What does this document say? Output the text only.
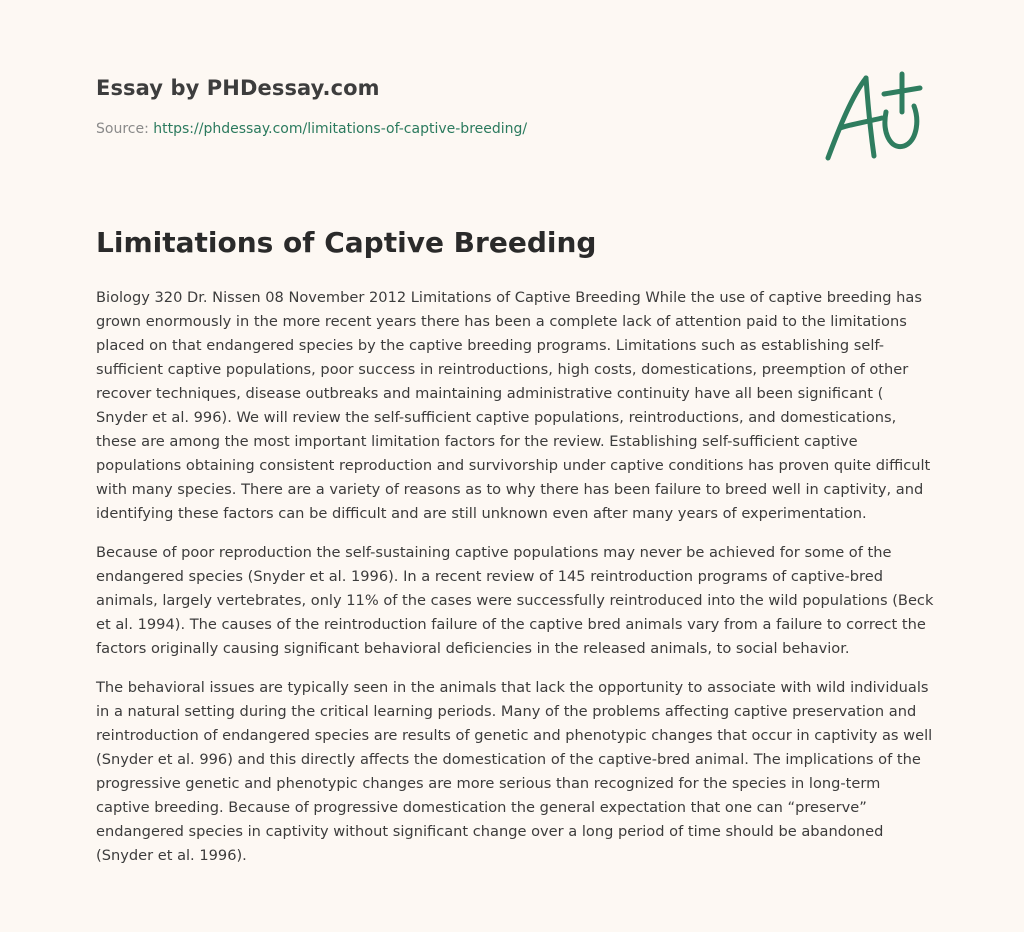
Essay by PHDessay.com
Source: https://phdessay.com/limitations-of-captive-breeding/
Limitations of Captive Breeding

Biology 320 Dr. Nissen 08 November 2012 Limitations of Captive Breeding While the use of captive breeding has grown enormously in the more recent years there has been a complete lack of attention paid to the limitations placed on that endangered species by the captive breeding programs. Limitations such as establishing self-sufficient captive populations, poor success in reintroductions, high costs, domestications, preemption of other recover techniques, disease outbreaks and maintaining administrative continuity have all been significant ( Snyder et al. 996). We will review the self-sufficient captive populations, reintroductions, and domestications, these are among the most important limitation factors for the review. Establishing self-sufficient captive populations obtaining consistent reproduction and survivorship under captive conditions has proven quite difficult with many species. There are a variety of reasons as to why there has been failure to breed well in captivity, and identifying these factors can be difficult and are still unknown even after many years of experimentation.

Because of poor reproduction the self-sustaining captive populations may never be achieved for some of the endangered species (Snyder et al. 1996). In a recent review of 145 reintroduction programs of captive-bred animals, largely vertebrates, only 11% of the cases were successfully reintroduced into the wild populations (Beck et al. 1994). The causes of the reintroduction failure of the captive bred animals vary from a failure to correct the factors originally causing significant behavioral deficiencies in the released animals, to social behavior.

The behavioral issues are typically seen in the animals that lack the opportunity to associate with wild individuals in a natural setting during the critical learning periods. Many of the problems affecting captive preservation and reintroduction of endangered species are results of genetic and phenotypic changes that occur in captivity as well (Snyder et al. 996) and this directly affects the domestication of the captive-bred animal. The implications of the progressive genetic and phenotypic changes are more serious than recognized for the species in long-term captive breeding. Because of progressive domestication the general expectation that one can “preserve” endangered species in captivity without significant change over a long period of time should be abandoned (Snyder et al. 1996).
